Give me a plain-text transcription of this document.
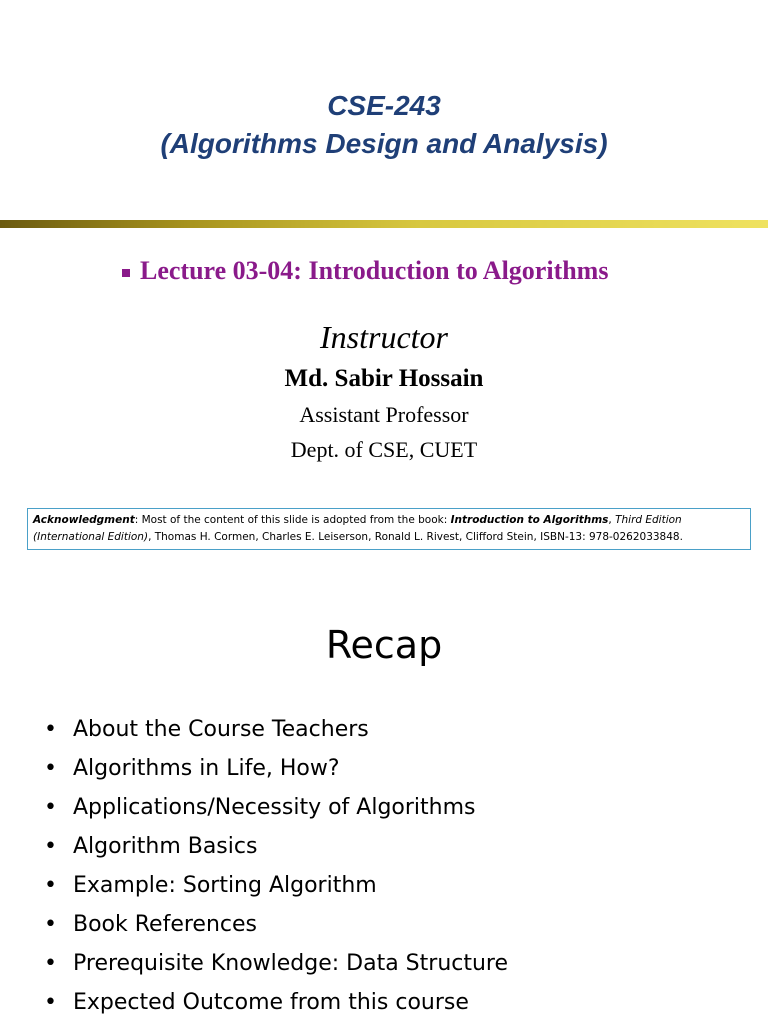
CSE-243

(Algorithms Design and Analysis)

Lecture 03-04: Introduction to Algorithms

Instructor

Md. Sabir Hossain

Assistant Professor

Dept. of CSE, CUET

Acknowledgment: Most of the content of this slide is adopted from the book: Introduction to Algorithms, Third Edition (International Edition), Thomas H. Cormen, Charles E. Leiserson, Ronald L. Rivest, Clifford Stein, ISBN-13: 978-0262033848.

Recap

• About the Course Teachers
• Algorithms in Life, How?
• Applications/Necessity of Algorithms
• Algorithm Basics
• Example: Sorting Algorithm
• Book References
• Prerequisite Knowledge: Data Structure
• Expected Outcome from this course
